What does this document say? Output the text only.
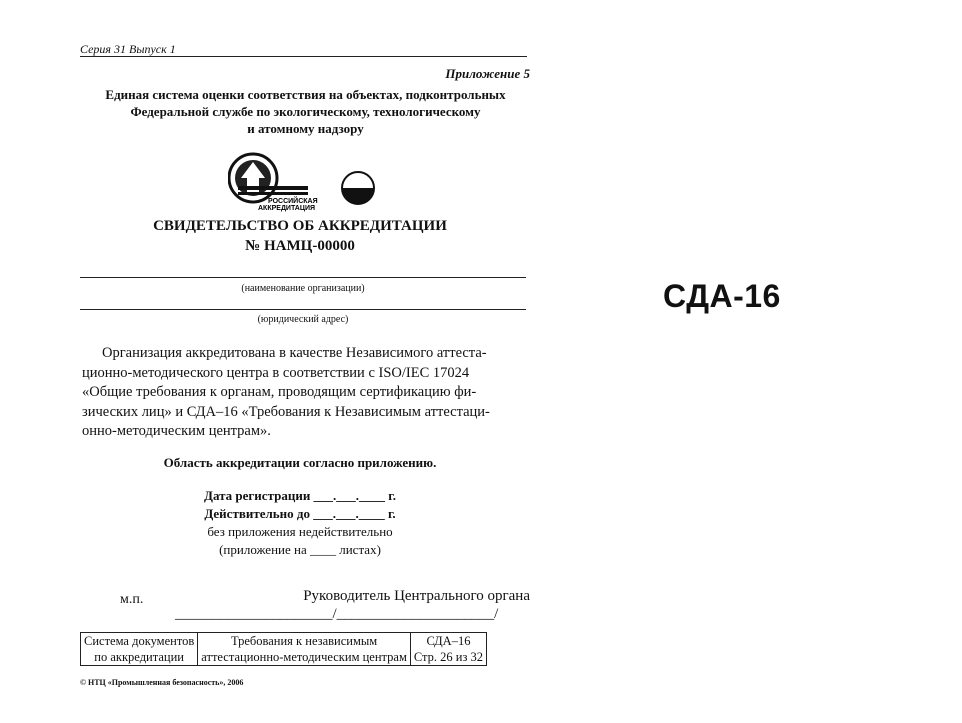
Серия 31 Выпуск 1
Приложение 5
Единая система оценки соответствия на объектах, подконтрольных
Федеральной службе по экологическому, технологическому
и атомному надзору
РОССИЙСКАЯ
АККРЕДИТАЦИЯ
СВИДЕТЕЛЬСТВО ОБ АККРЕДИТАЦИИ
№ НАМЦ-00000
(наименование организации)
(юридический адрес)
Организация аккредитована в качестве Независимого аттеста-
ционно-методического центра в соответствии с ISO/IEC 17024
«Общие требования к органам, проводящим сертификацию фи-
зических лиц» и СДА–16 «Требования к Независимым аттестаци-
онно-методическим центрам».
Область аккредитации согласно приложению.
Дата регистрации ___.___.____ г.
Действительно до ___.___.____ г.
без приложения недействительно
(приложение на ____ листах)
м.п.	Руководитель Центрального органа
_____________________/_____________________/
Система документов	Требования к независимым	СДА–16
по аккредитации	аттестационно-методическим центрам	Стр. 26 из 32
© НТЦ «Промышленная безопасность», 2006
СДА-16
